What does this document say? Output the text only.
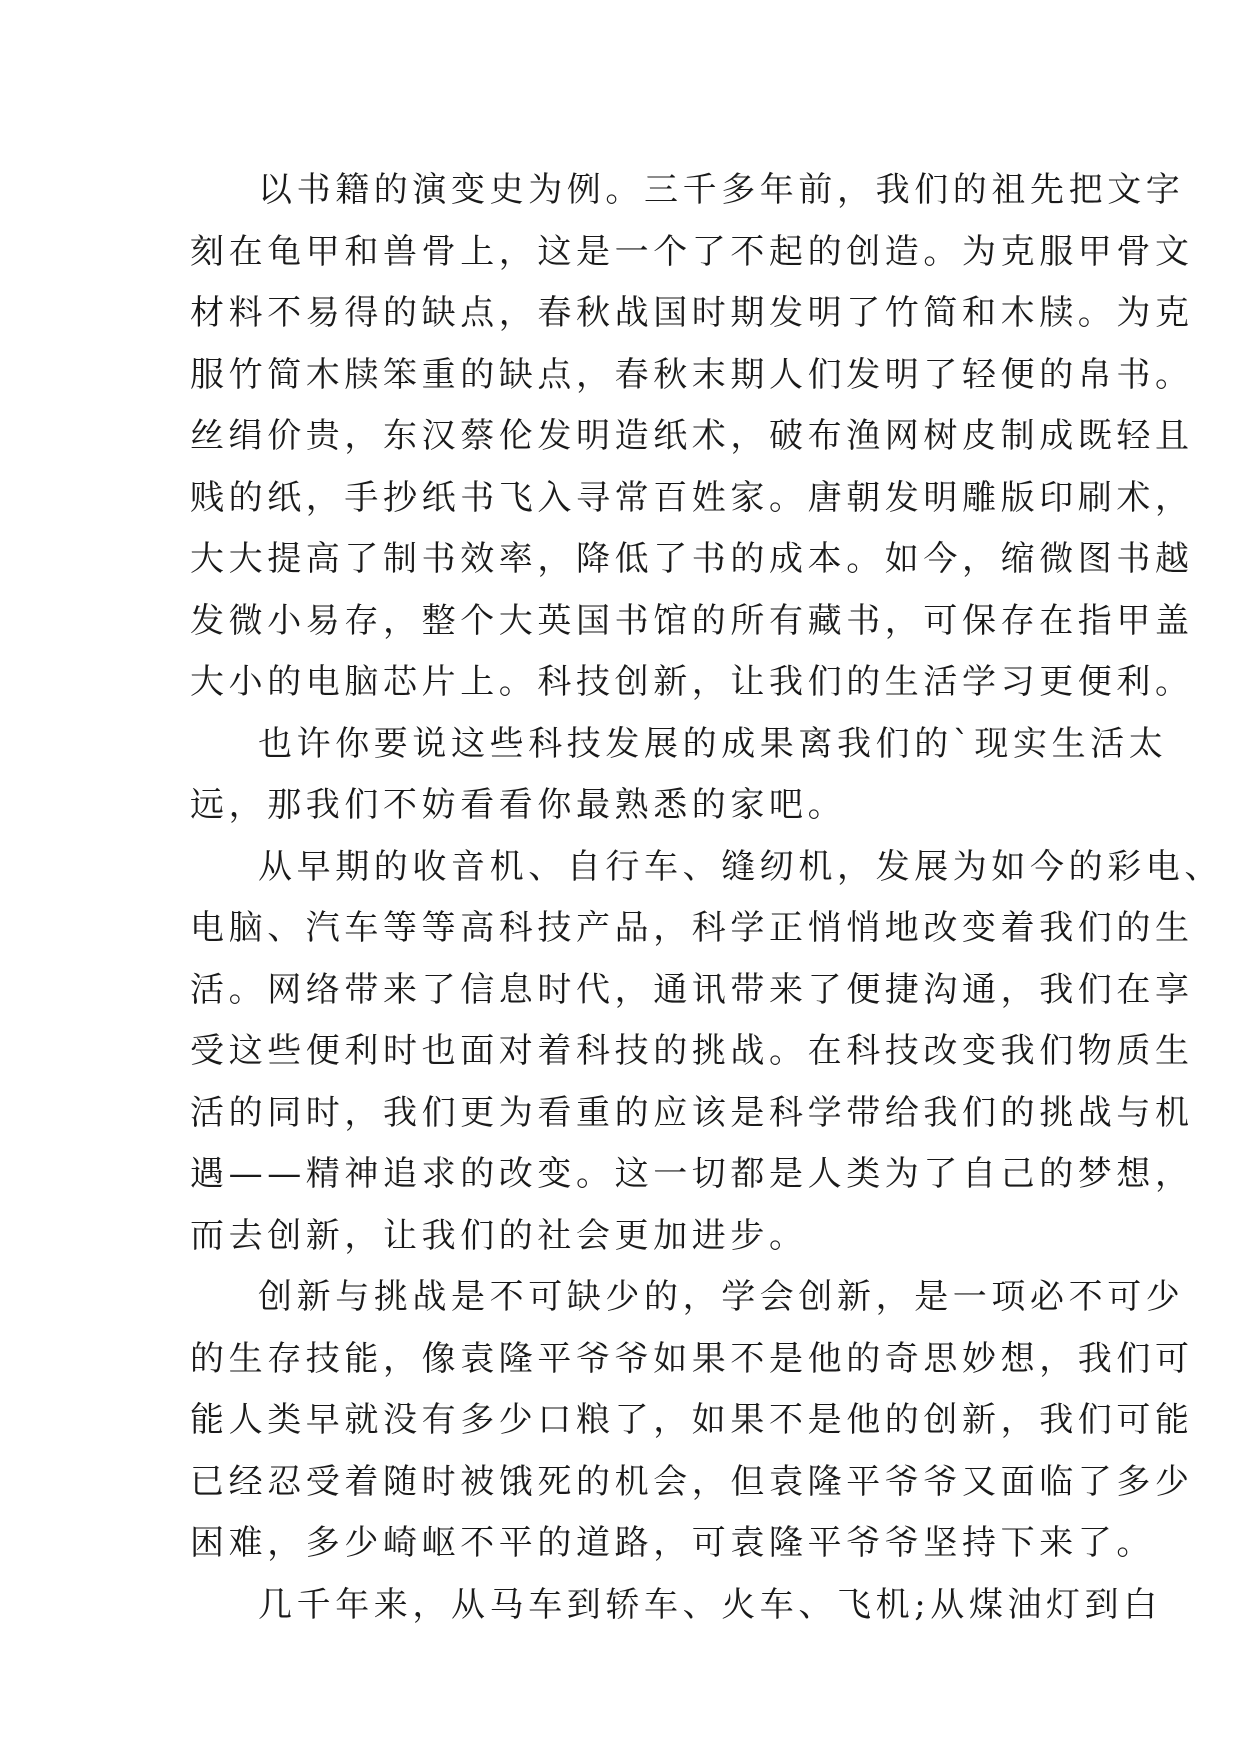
以书籍的演变史为例。三千多年前，我们的祖先把文字
刻在龟甲和兽骨上，这是一个了不起的创造。为克服甲骨文
材料不易得的缺点，春秋战国时期发明了竹简和木牍。为克
服竹简木牍笨重的缺点，春秋末期人们发明了轻便的帛书。
丝绢价贵，东汉蔡伦发明造纸术，破布渔网树皮制成既轻且
贱的纸，手抄纸书飞入寻常百姓家。唐朝发明雕版印刷术，
大大提高了制书效率，降低了书的成本。如今，缩微图书越
发微小易存，整个大英国书馆的所有藏书，可保存在指甲盖
大小的电脑芯片上。科技创新，让我们的生活学习更便利。
也许你要说这些科技发展的成果离我们的`现实生活太
远，那我们不妨看看你最熟悉的家吧。
从早期的收音机、自行车、缝纫机，发展为如今的彩电、
电脑、汽车等等高科技产品，科学正悄悄地改变着我们的生
活。网络带来了信息时代，通讯带来了便捷沟通，我们在享
受这些便利时也面对着科技的挑战。在科技改变我们物质生
活的同时，我们更为看重的应该是科学带给我们的挑战与机
遇——精神追求的改变。这一切都是人类为了自己的梦想，
而去创新，让我们的社会更加进步。
创新与挑战是不可缺少的，学会创新，是一项必不可少
的生存技能，像袁隆平爷爷如果不是他的奇思妙想，我们可
能人类早就没有多少口粮了，如果不是他的创新，我们可能
已经忍受着随时被饿死的机会，但袁隆平爷爷又面临了多少
困难，多少崎岖不平的道路，可袁隆平爷爷坚持下来了。
几千年来，从马车到轿车、火车、飞机;从煤油灯到白
